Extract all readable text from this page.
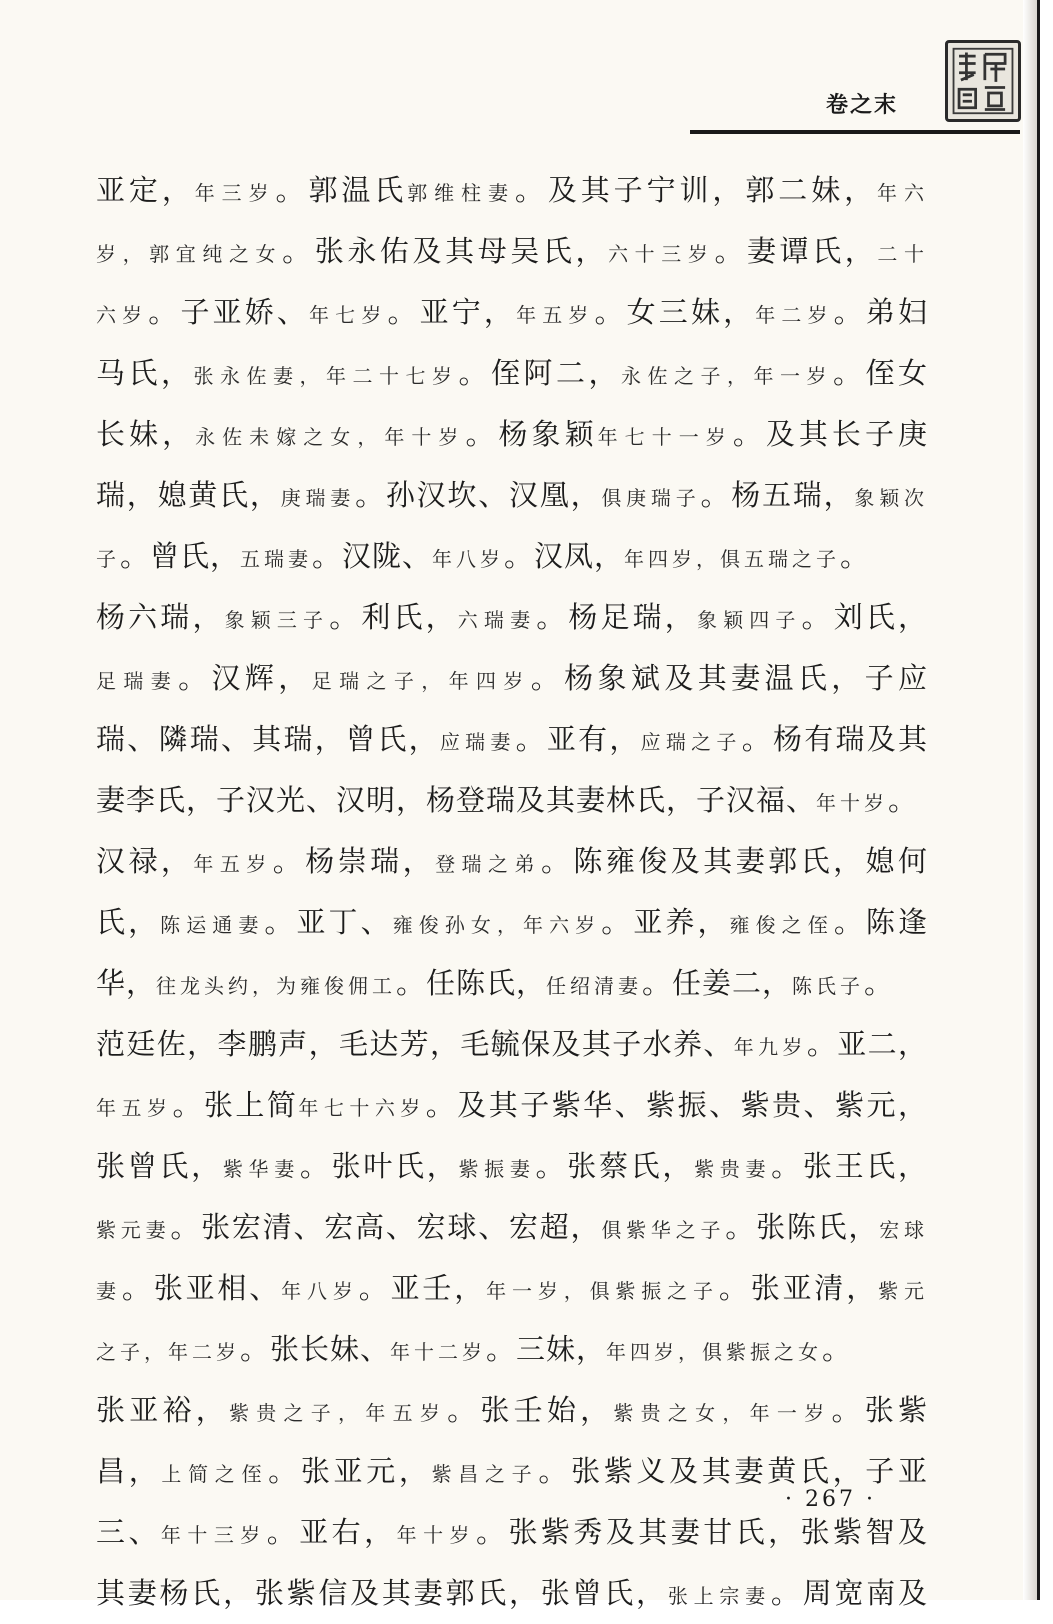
卷之末
亚定，年三岁。郭温氏郭维柱妻。及其子宁训，郭二妹，年六
岁，郭宜纯之女。张永佑及其母吴氏，六十三岁。妻谭氏，二十
六岁。子亚娇、年七岁。亚宁，年五岁。女三妹，年二岁。弟妇
马氏，张永佐妻，年二十七岁。侄阿二，永佐之子，年一岁。侄女
长妹，永佐未嫁之女，年十岁。杨象颖年七十一岁。及其长子庚
瑞，媳黄氏，庚瑞妻。孙汉坎、汉凰，俱庚瑞子。杨五瑞，象颖次
子。曾氏，五瑞妻。汉陇、年八岁。汉凤，年四岁，俱五瑞之子。
杨六瑞，象颖三子。利氏，六瑞妻。杨足瑞，象颖四子。刘氏，
足瑞妻。汉辉，足瑞之子，年四岁。杨象斌及其妻温氏，子应
瑞、隣瑞、其瑞，曾氏，应瑞妻。亚有，应瑞之子。杨有瑞及其
妻李氏，子汉光、汉明，杨登瑞及其妻林氏，子汉福、年十岁。
汉禄，年五岁。杨崇瑞，登瑞之弟。陈雍俊及其妻郭氏，媳何
氏，陈运通妻。亚丁、雍俊孙女，年六岁。亚养，雍俊之侄。陈逢
华，往龙头约，为雍俊佣工。任陈氏，任绍清妻。任姜二，陈氏子。
范廷佐，李鹏声，毛达芳，毛毓保及其子水养、年九岁。亚二，
年五岁。张上简年七十六岁。及其子紫华、紫振、紫贵、紫元，
张曾氏，紫华妻。张叶氏，紫振妻。张蔡氏，紫贵妻。张王氏，
紫元妻。张宏清、宏高、宏球、宏超，俱紫华之子。张陈氏，宏球
妻。张亚相、年八岁。亚壬，年一岁，俱紫振之子。张亚清，紫元
之子，年二岁。张长妹、年十二岁。三妹，年四岁，俱紫振之女。
张亚裕，紫贵之子，年五岁。张壬始，紫贵之女，年一岁。张紫
昌，上简之侄。张亚元，紫昌之子。张紫义及其妻黄氏，子亚
三、年十三岁。亚右，年十岁。张紫秀及其妻甘氏，张紫智及
其妻杨氏，张紫信及其妻郭氏，张曾氏，张上宗妻。周宽南及
· 267 ·
